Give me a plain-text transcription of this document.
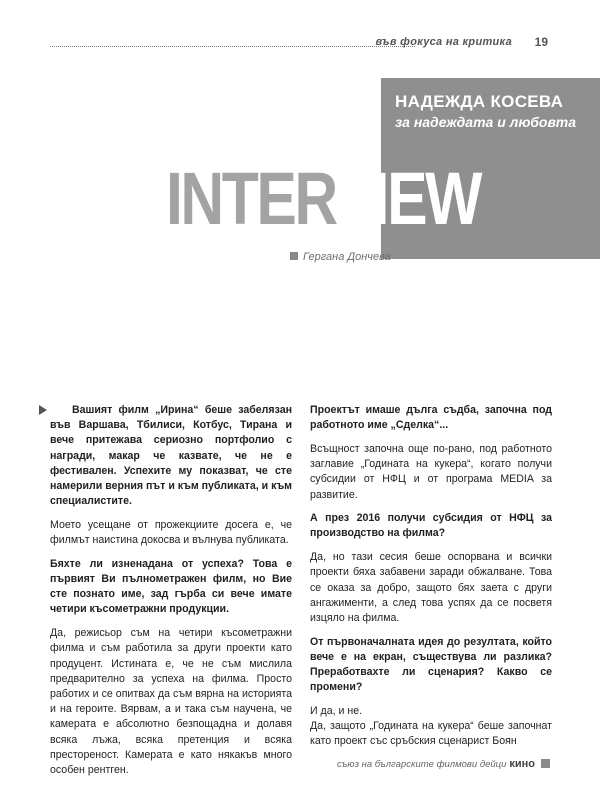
във фокуса на критика 19
НАДЕЖДА КОСЕВА
за надеждата и любовта
INTERVIEW
Гергана Дончева

Вашият филм „Ирина“ беше забелязан във Варшава, Тбилиси, Котбус, Тирана и вече притежава сериозно портфолио с награди, макар че казвате, че не е фестивален. Успехите му показват, че сте намерили верния път и към публиката, и към специалистите.

Моето усещане от прожекциите досега е, че филмът наистина докосва и вълнува публиката.

Бяхте ли изненадана от успеха? Това е първият Ви пълнометражен филм, но Вие сте познато име, зад гърба си вече имате четири късометражни продукции.

Да, режисьор съм на четири късометражни филма и съм работила за други проекти като продуцент. Истината е, че не съм мислила предварително за успеха на филма. Просто работих и се опитвах да съм вярна на историята и на героите. Вярвам, а и така съм научена, че камерата е абсолютно безпощадна и долавя всяка лъжа, всяка претенция и всяка престореност. Камерата е като някакъв много особен рентген.

Проектът имаше дълга съдба, започна под работното име „Сделка“...

Всъщност започна още по-рано, под работното заглавие „Годината на кукера“, когато получи субсидии от НФЦ и от програма MEDIA за развитие.

А през 2016 получи субсидия от НФЦ за производство на филма?

Да, но тази сесия беше оспорвана и всички проекти бяха забавени заради обжалване. Това се оказа за добро, защото бях заета с други ангажименти, а след това успях да се посветя изцяло на филма.

От първоначалната идея до резултата, който вече е на екран, съществува ли разлика? Преработвахте ли сценария? Какво се промени?

И да, и не.

Да, защото „Годината на кукера“ беше започнат като проект със сръбския сценарист Боян

съюз на българските филмови дейци кино
